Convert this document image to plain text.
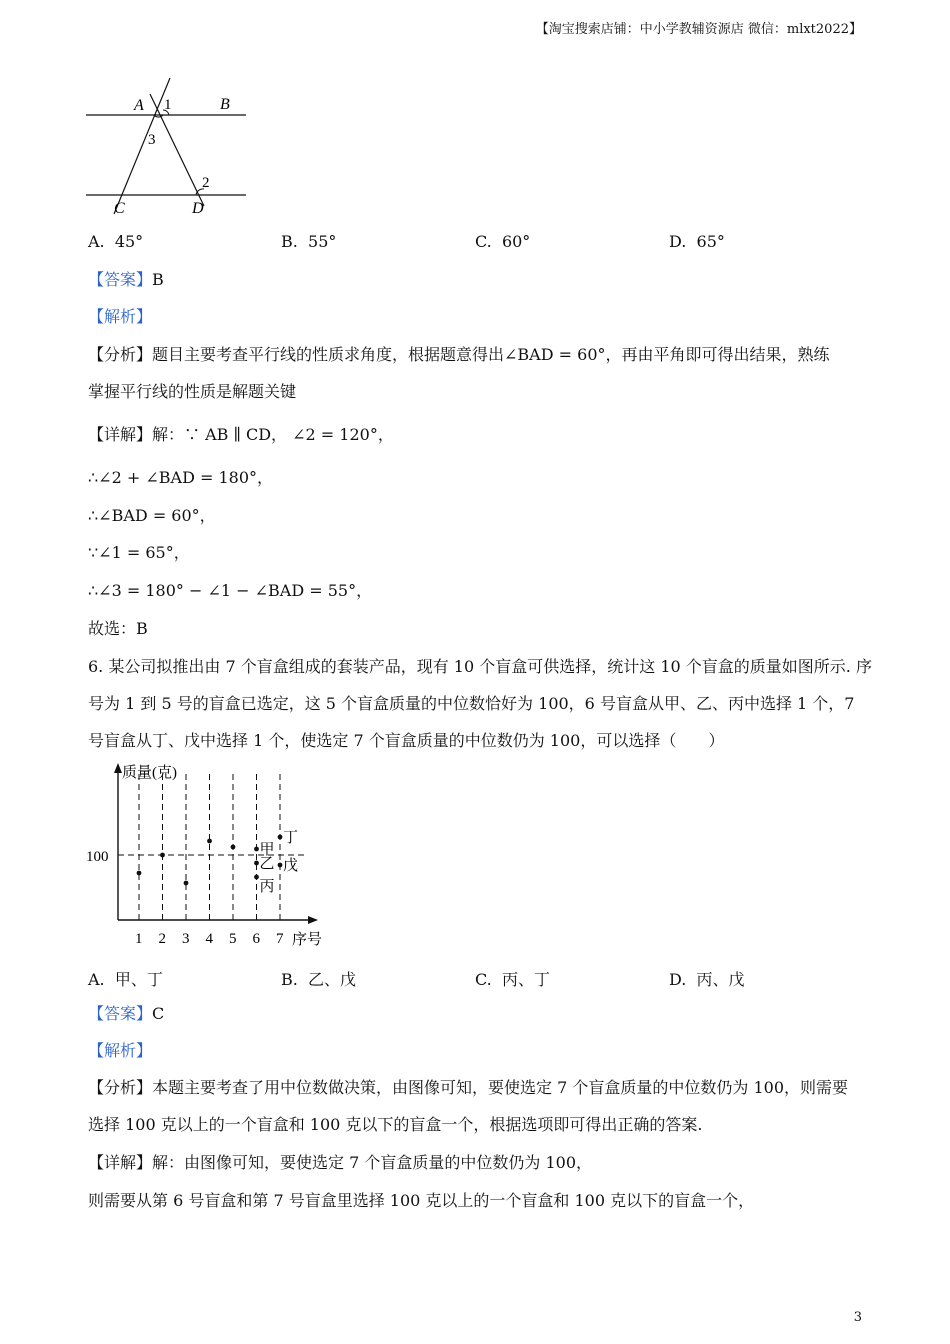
【淘宝搜索店铺：中小学教辅资源店 微信：mlxt2022】
A 1	B
3
2
C	D
A. 45°	B. 55°	C. 60°	D. 65°
【答案】B
【解析】
【分析】题目主要考查平行线的性质求角度，根据题意得出∠BAD = 60°，再由平角即可得出结果，熟练
掌握平行线的性质是解题关键
【详解】解：∵ AB ∥ CD， ∠2 = 120°，
∴∠2 + ∠BAD = 180°，
∴∠BAD = 60°，
∵∠1 = 65°，
∴∠3 = 180° − ∠1 − ∠BAD = 55°，
故选：B
6. 某公司拟推出由 7 个盲盒组成的套装产品，现有 10 个盲盒可供选择，统计这 10 个盲盒的质量如图所示. 序
号为 1 到 5 号的盲盒已选定，这 5 个盲盒质量的中位数恰好为 100，6 号盲盒从甲、乙、丙中选择 1 个，7
号盲盒从丁、戊中选择 1 个，使选定 7 个盲盒质量的中位数仍为 100，可以选择（　　）
质量(克)
序号
100
1 2 3 4 5 6 7
甲
乙
丙
丁
戊
A. 甲、丁	B. 乙、戊	C. 丙、丁	D. 丙、戊
【答案】C
【解析】
【分析】本题主要考查了用中位数做决策，由图像可知，要使选定 7 个盲盒质量的中位数仍为 100，则需要
选择 100 克以上的一个盲盒和 100 克以下的盲盒一个，根据选项即可得出正确的答案.
【详解】解：由图像可知，要使选定 7 个盲盒质量的中位数仍为 100，
则需要从第 6 号盲盒和第 7 号盲盒里选择 100 克以上的一个盲盒和 100 克以下的盲盒一个，
3
